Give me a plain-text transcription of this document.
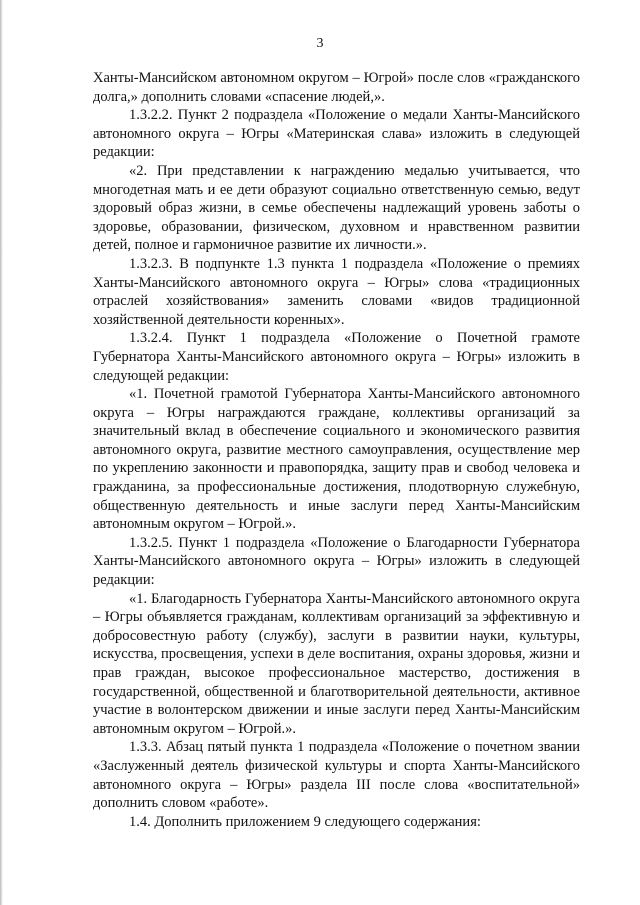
3

Ханты-Мансийском автономном округом – Югрой» после слов «гражданского долга,» дополнить словами «спасение людей,».

1.3.2.2. Пункт 2 подраздела «Положение о медали Ханты-Мансийского автономного округа – Югры «Материнская слава» изложить в следующей редакции:

«2. При представлении к награждению медалью учитывается, что многодетная мать и ее дети образуют социально ответственную семью, ведут здоровый образ жизни, в семье обеспечены надлежащий уровень заботы о здоровье, образовании, физическом, духовном и нравственном развитии детей, полное и гармоничное развитие их личности.».

1.3.2.3. В подпункте 1.3 пункта 1 подраздела «Положение о премиях Ханты-Мансийского автономного округа – Югры» слова «традиционных отраслей хозяйствования» заменить словами «видов традиционной хозяйственной деятельности коренных».

1.3.2.4. Пункт 1 подраздела «Положение о Почетной грамоте Губернатора Ханты-Мансийского автономного округа – Югры» изложить в следующей редакции:

«1. Почетной грамотой Губернатора Ханты-Мансийского автономного округа – Югры награждаются граждане, коллективы организаций за значительный вклад в обеспечение социального и экономического развития автономного округа, развитие местного самоуправления, осуществление мер по укреплению законности и правопорядка, защиту прав и свобод человека и гражданина, за профессиональные достижения, плодотворную служебную, общественную деятельность и иные заслуги перед Ханты-Мансийским автономным округом – Югрой.».

1.3.2.5. Пункт 1 подраздела «Положение о Благодарности Губернатора Ханты-Мансийского автономного округа – Югры» изложить в следующей редакции:

«1. Благодарность Губернатора Ханты-Мансийского автономного округа – Югры объявляется гражданам, коллективам организаций за эффективную и добросовестную работу (службу), заслуги в развитии науки, культуры, искусства, просвещения, успехи в деле воспитания, охраны здоровья, жизни и прав граждан, высокое профессиональное мастерство, достижения в государственной, общественной и благотворительной деятельности, активное участие в волонтерском движении и иные заслуги перед Ханты-Мансийским автономным округом – Югрой.».

1.3.3. Абзац пятый пункта 1 подраздела «Положение о почетном звании «Заслуженный деятель физической культуры и спорта Ханты-Мансийского автономного округа – Югры» раздела III после слова «воспитательной» дополнить словом «работе».

1.4. Дополнить приложением 9 следующего содержания:
